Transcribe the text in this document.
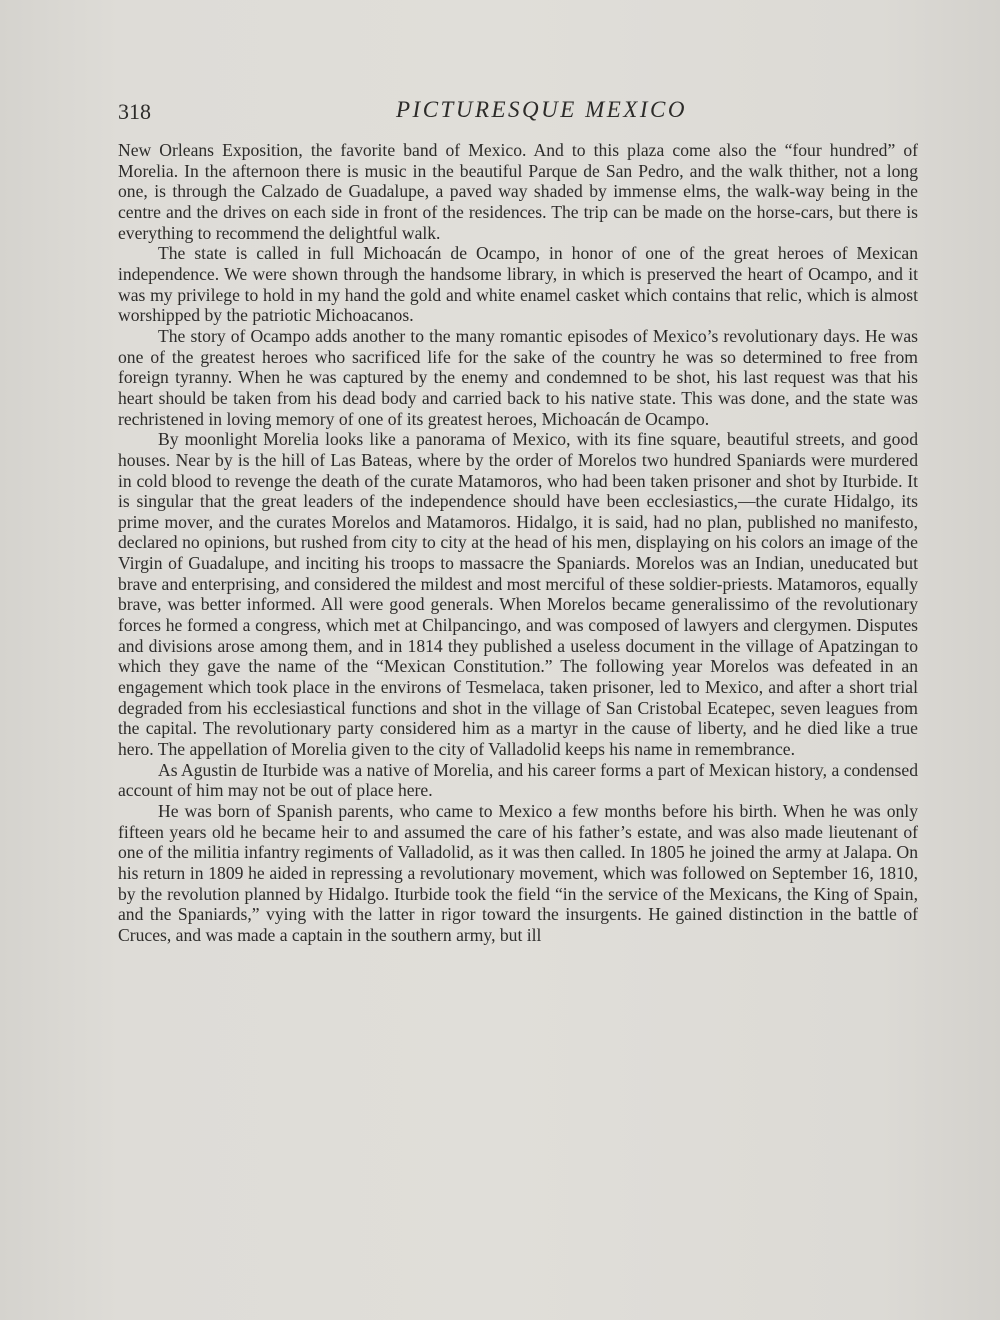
318	PICTURESQUE MEXICO

New Orleans Exposition, the favorite band of Mexico. And to this plaza come also the “four hundred” of Morelia. In the afternoon there is music in the beautiful Parque de San Pedro, and the walk thither, not a long one, is through the Calzado de Guadalupe, a paved way shaded by immense elms, the walk-way being in the centre and the drives on each side in front of the residences. The trip can be made on the horse-cars, but there is everything to recommend the delightful walk.

The state is called in full Michoacán de Ocampo, in honor of one of the great heroes of Mexican independence. We were shown through the handsome library, in which is preserved the heart of Ocampo, and it was my privilege to hold in my hand the gold and white enamel casket which contains that relic, which is almost worshipped by the patriotic Michoacanos.

The story of Ocampo adds another to the many romantic episodes of Mexico’s revolutionary days. He was one of the greatest heroes who sacrificed life for the sake of the country he was so determined to free from foreign tyranny. When he was captured by the enemy and condemned to be shot, his last request was that his heart should be taken from his dead body and carried back to his native state. This was done, and the state was rechristened in loving memory of one of its greatest heroes, Michoacán de Ocampo.

By moonlight Morelia looks like a panorama of Mexico, with its fine square, beautiful streets, and good houses. Near by is the hill of Las Bateas, where by the order of Morelos two hundred Spaniards were murdered in cold blood to revenge the death of the curate Matamoros, who had been taken prisoner and shot by Iturbide. It is singular that the great leaders of the independence should have been ecclesiastics,—the curate Hidalgo, its prime mover, and the curates Morelos and Matamoros. Hidalgo, it is said, had no plan, published no manifesto, declared no opinions, but rushed from city to city at the head of his men, displaying on his colors an image of the Virgin of Guadalupe, and inciting his troops to massacre the Spaniards. Morelos was an Indian, uneducated but brave and enterprising, and considered the mildest and most merciful of these soldier-priests. Matamoros, equally brave, was better informed. All were good generals. When Morelos became generalissimo of the revolutionary forces he formed a congress, which met at Chilpancingo, and was composed of lawyers and clergymen. Disputes and divisions arose among them, and in 1814 they published a useless document in the village of Apatzingan to which they gave the name of the “Mexican Constitution.” The following year Morelos was defeated in an engagement which took place in the environs of Tesmelaca, taken prisoner, led to Mexico, and after a short trial degraded from his ecclesiastical functions and shot in the village of San Cristobal Ecatepec, seven leagues from the capital. The revolutionary party considered him as a martyr in the cause of liberty, and he died like a true hero. The appellation of Morelia given to the city of Valladolid keeps his name in remembrance.

As Agustin de Iturbide was a native of Morelia, and his career forms a part of Mexican history, a condensed account of him may not be out of place here.

He was born of Spanish parents, who came to Mexico a few months before his birth. When he was only fifteen years old he became heir to and assumed the care of his father’s estate, and was also made lieutenant of one of the militia infantry regiments of Valladolid, as it was then called. In 1805 he joined the army at Jalapa. On his return in 1809 he aided in repressing a revolutionary movement, which was followed on September 16, 1810, by the revolution planned by Hidalgo. Iturbide took the field “in the service of the Mexicans, the King of Spain, and the Spaniards,” vying with the latter in rigor toward the insurgents. He gained distinction in the battle of Cruces, and was made a captain in the southern army, but ill
